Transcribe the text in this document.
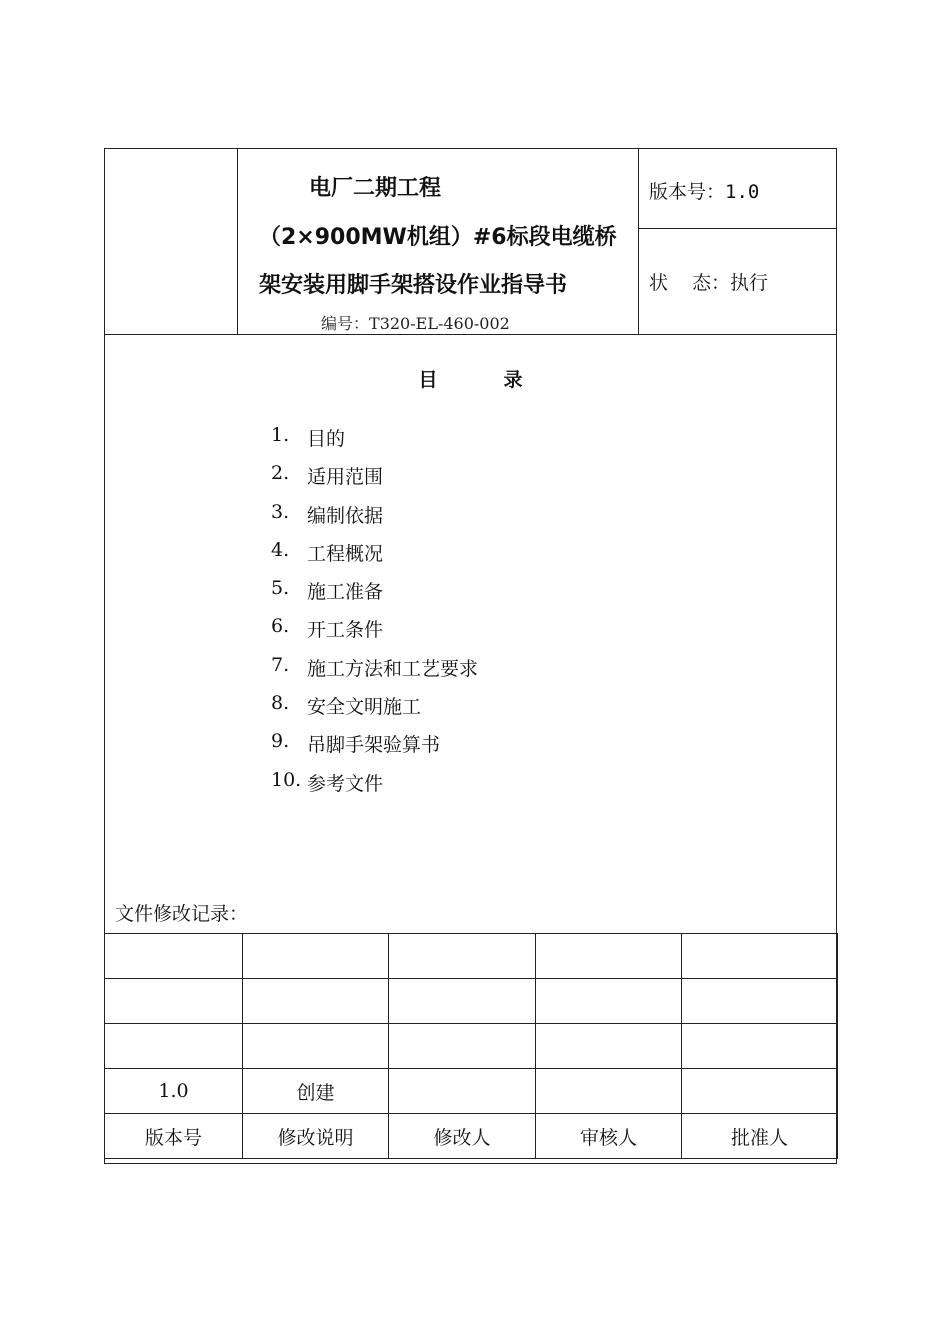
电厂二期工程
（2×900MW机组）#6标段电缆桥
架安装用脚手架搭设作业指导书
编号：T320-EL-460-002
版本号：1.0
状 态：执行
目	录
1. 目的
2. 适用范围
3. 编制依据
4. 工程概况
5. 施工准备
6. 开工条件
7. 施工方法和工艺要求
8. 安全文明施工
9. 吊脚手架验算书
10. 参考文件
文件修改记录：

1.0	创建			
版本号	修改说明	修改人	审核人	批准人
